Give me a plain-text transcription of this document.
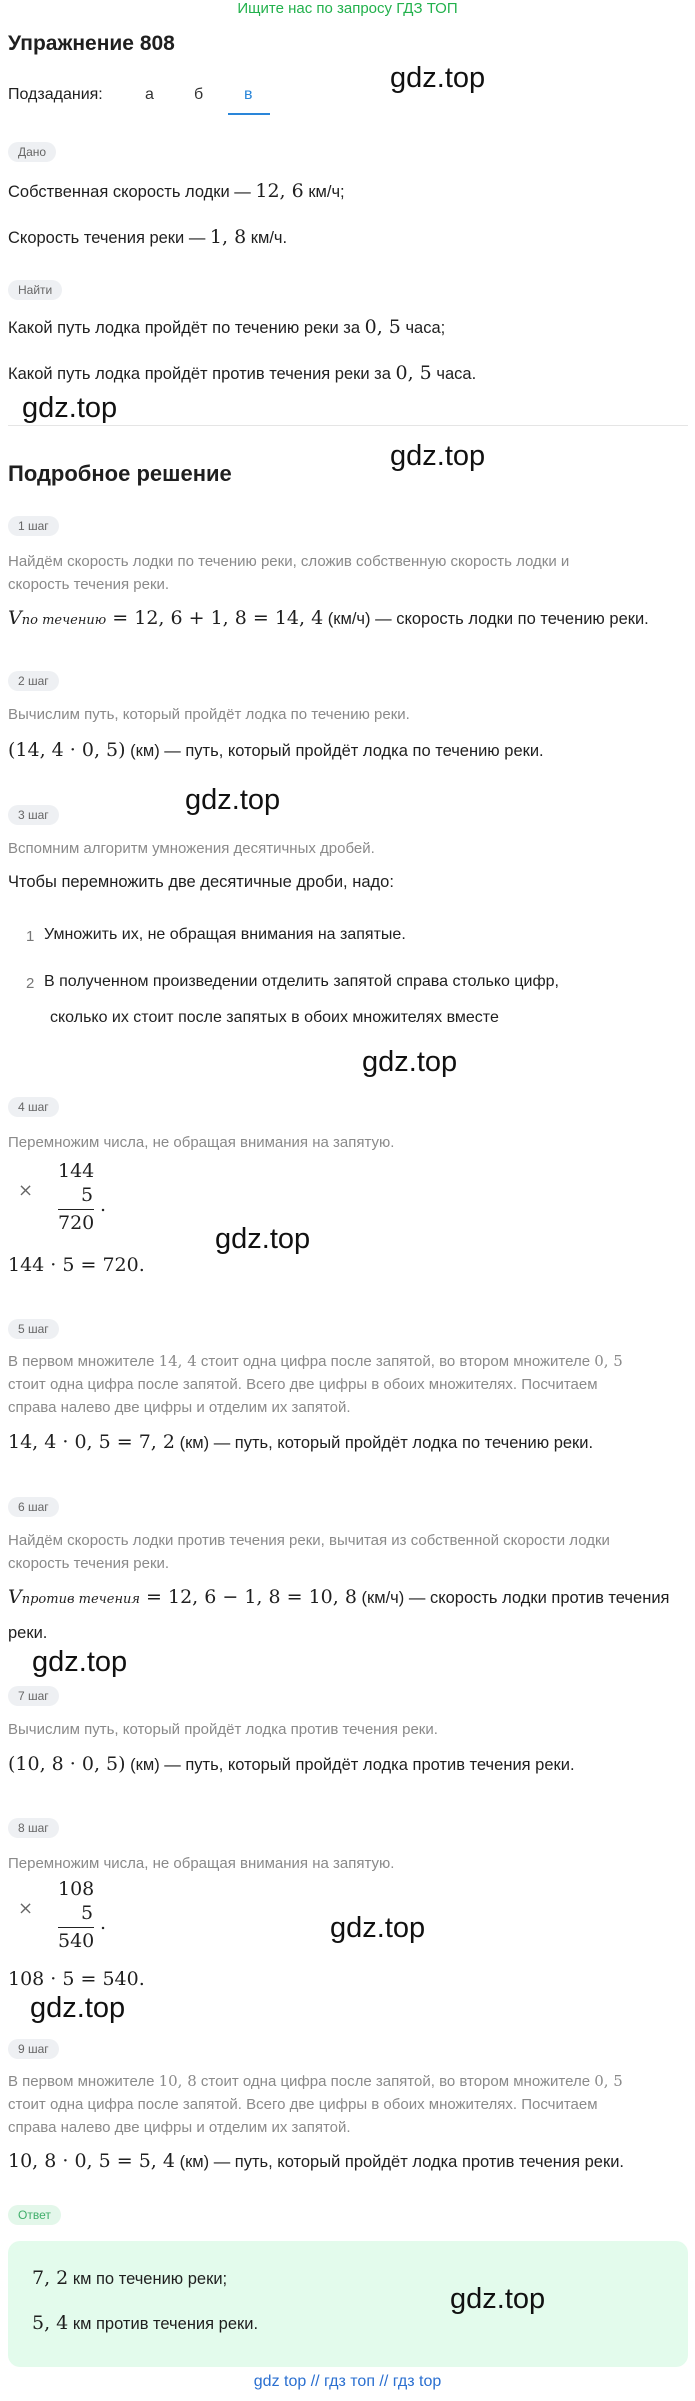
Ищите нас по запросу ГДЗ ТОП
Упражнение 808
gdz.top
Подзадания:	а	б	в
Дано
Собственная скорость лодки — 12, 6 км/ч;
Скорость течения реки — 1, 8 км/ч.
Найти
Какой путь лодка пройдёт по течению реки за 0, 5 часа;
Какой путь лодка пройдёт против течения реки за 0, 5 часа.
gdz.top
gdz.top
Подробное решение
1 шаг
Найдём скорость лодки по течению реки, сложив собственную скорость лодки и
скорость течения реки.
Vпо течению = 12, 6 + 1, 8 = 14, 4 (км/ч) — скорость лодки по течению реки.
2 шаг
Вычислим путь, который пройдёт лодка по течению реки.
(14, 4 · 0, 5) (км) — путь, который пройдёт лодка по течению реки.
gdz.top
3 шаг
Вспомним алгоритм умножения десятичных дробей.
Чтобы перемножить две десятичные дроби, надо:
1 Умножить их, не обращая внимания на запятые.
2 В полученном произведении отделить запятой справа столько цифр,
сколько их стоит после запятых в обоих множителях вместе
gdz.top
4 шаг
Перемножим числа, не обращая внимания на запятую.
×
144
5
720
.
gdz.top
144 · 5 = 720.
5 шаг
В первом множителе 14, 4 стоит одна цифра после запятой, во втором множителе 0, 5
стоит одна цифра после запятой. Всего две цифры в обоих множителях. Посчитаем
справа налево две цифры и отделим их запятой.
14, 4 · 0, 5 = 7, 2 (км) — путь, который пройдёт лодка по течению реки.
6 шаг
Найдём скорость лодки против течения реки, вычитая из собственной скорости лодки
скорость течения реки.
Vпротив течения = 12, 6 − 1, 8 = 10, 8 (км/ч) — скорость лодки против течения
реки.
gdz.top
7 шаг
Вычислим путь, который пройдёт лодка против течения реки.
(10, 8 · 0, 5) (км) — путь, который пройдёт лодка против течения реки.
8 шаг
Перемножим числа, не обращая внимания на запятую.
×
108
5
540
.	gdz.top
108 · 5 = 540.
gdz.top
9 шаг
В первом множителе 10, 8 стоит одна цифра после запятой, во втором множителе 0, 5
стоит одна цифра после запятой. Всего две цифры в обоих множителях. Посчитаем
справа налево две цифры и отделим их запятой.
10, 8 · 0, 5 = 5, 4 (км) — путь, который пройдёт лодка против течения реки.
Ответ
7, 2 км по течению реки;
5, 4 км против течения реки.
gdz.top
gdz top // гдз топ // гдз top
